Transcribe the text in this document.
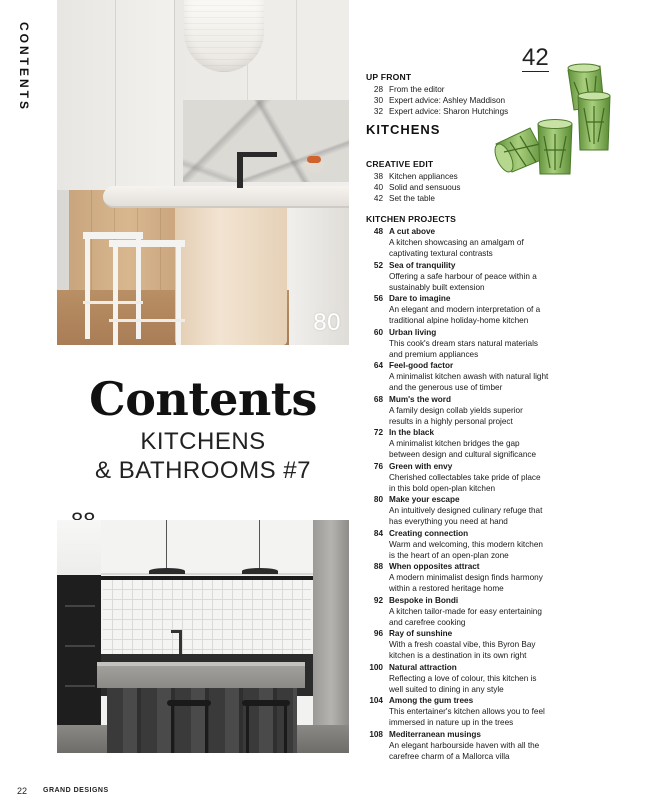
CONTENTS
80
Contents
KITCHENS
& BATHROOMS #7
42
UP FRONT
28 From the editor
30 Expert advice: Ashley Maddison
32 Expert advice: Sharon Hutchings
KITCHENS
CREATIVE EDIT
38 Kitchen appliances
40 Solid and sensuous
42 Set the table
KITCHEN PROJECTS
48 A cut above
A kitchen showcasing an amalgam of captivating textural contrasts
52 Sea of tranquility
Offering a safe harbour of peace within a sustainably built extension
56 Dare to imagine
An elegant and modern interpretation of a traditional alpine holiday-home kitchen
60 Urban living
This cook's dream stars natural materials and premium appliances
64 Feel-good factor
A minimalist kitchen awash with natural light and the generous use of timber
68 Mum's the word
A family design collab yields superior results in a highly personal project
72 In the black
A minimalist kitchen bridges the gap between design and cultural significance
76 Green with envy
Cherished collectables take pride of place in this bold open-plan kitchen
80 Make your escape
An intuitively designed culinary refuge that has everything you need at hand
84 Creating connection
Warm and welcoming, this modern kitchen is the heart of an open-plan zone
88 When opposites attract
A modern minimalist design finds harmony within a restored heritage home
92 Bespoke in Bondi
A kitchen tailor-made for easy entertaining and carefree cooking
96 Ray of sunshine
With a fresh coastal vibe, this Byron Bay kitchen is a destination in its own right
100 Natural attraction
Reflecting a love of colour, this kitchen is well suited to dining in any style
104 Among the gum trees
This entertainer's kitchen allows you to feel immersed in nature up in the trees
108 Mediterranean musings
An elegant harbourside haven with all the carefree charm of a Mallorca villa
22 GRAND DESIGNS
